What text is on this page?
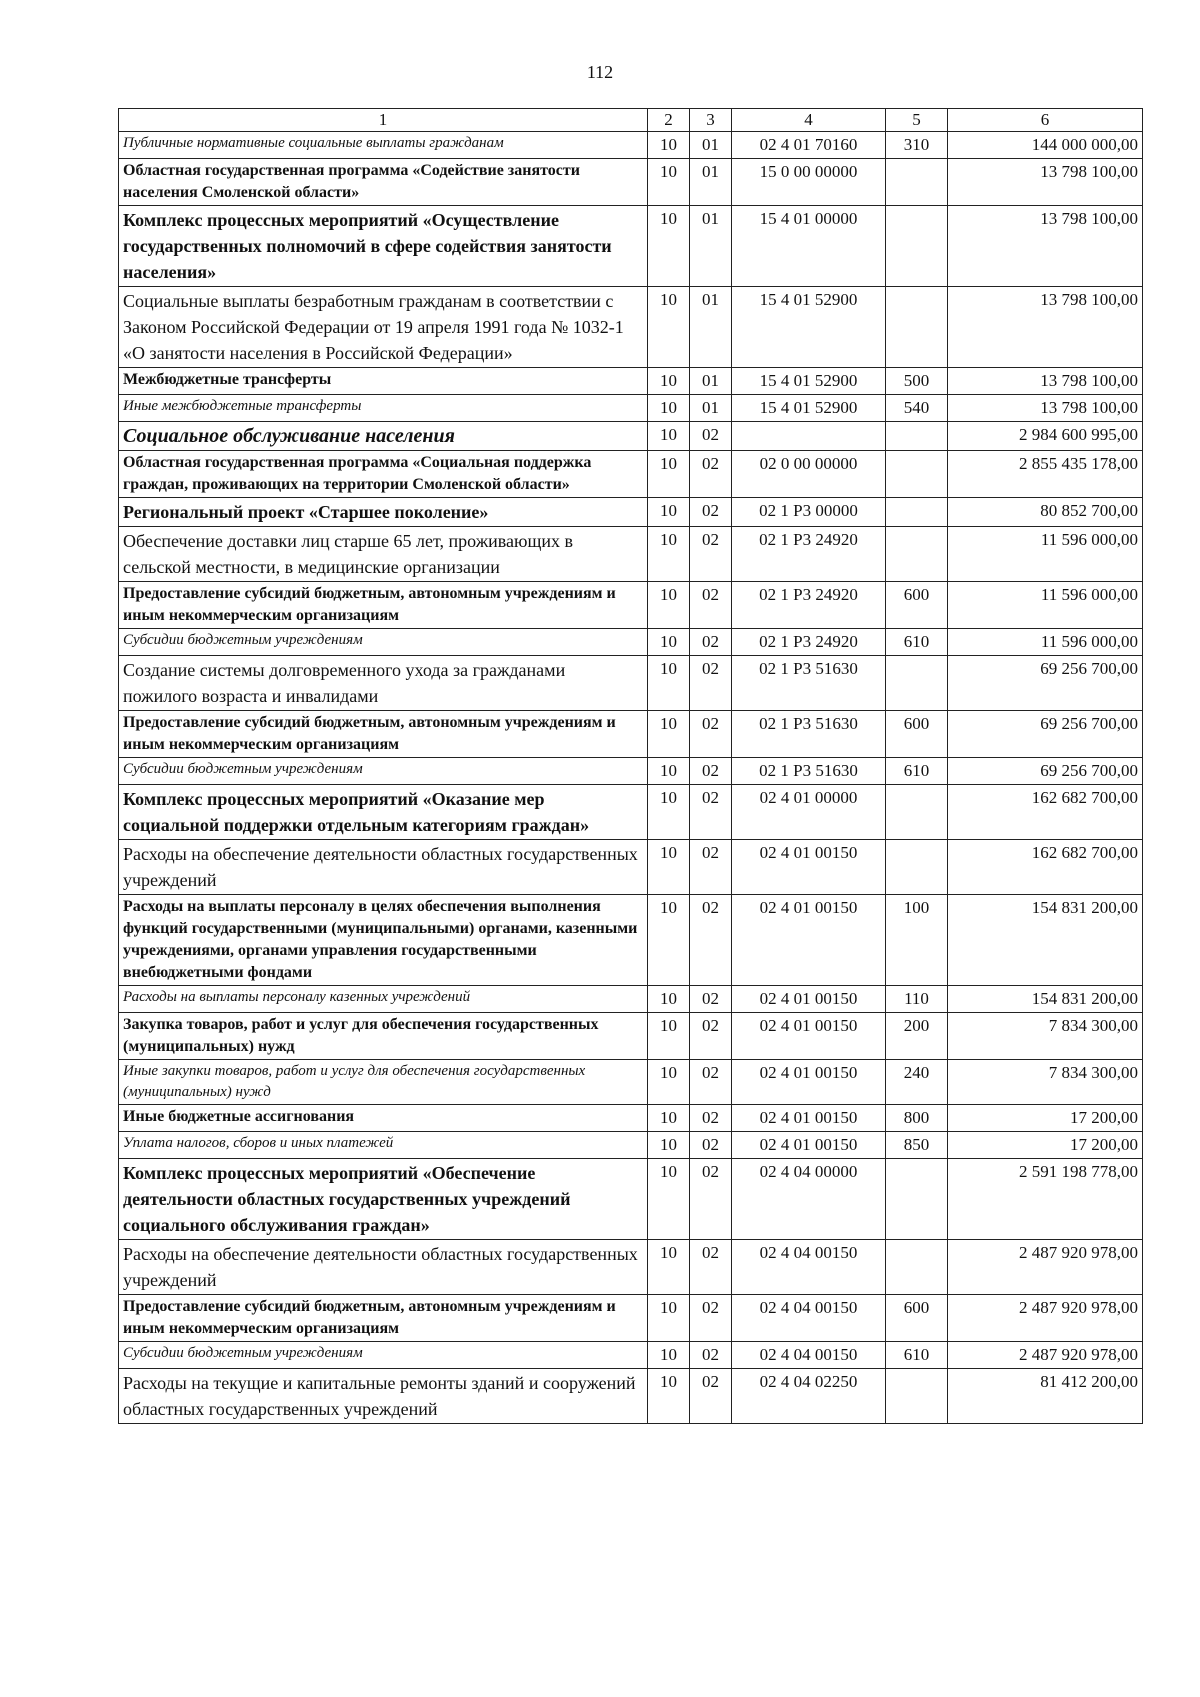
112
1	2	3	4	5	6
Публичные нормативные социальные выплаты гражданам	10	01	02 4 01 70160	310	144 000 000,00
Областная государственная программа «Содействие занятости населения Смоленской области»	10	01	15 0 00 00000		13 798 100,00
Комплекс процессных мероприятий «Осуществление государственных полномочий в сфере содействия занятости населения»	10	01	15 4 01 00000		13 798 100,00
Социальные выплаты безработным гражданам в соответствии с Законом Российской Федерации от 19 апреля 1991 года № 1032-1 «О занятости населения в Российской Федерации»	10	01	15 4 01 52900		13 798 100,00
Межбюджетные трансферты	10	01	15 4 01 52900	500	13 798 100,00
Иные межбюджетные трансферты	10	01	15 4 01 52900	540	13 798 100,00
Социальное обслуживание населения	10	02			2 984 600 995,00
Областная государственная программа «Социальная поддержка граждан, проживающих на территории Смоленской области»	10	02	02 0 00 00000		2 855 435 178,00
Региональный проект «Старшее поколение»	10	02	02 1 Р3 00000		80 852 700,00
Обеспечение доставки лиц старше 65 лет, проживающих в сельской местности, в медицинские организации	10	02	02 1 Р3 24920		11 596 000,00
Предоставление субсидий бюджетным, автономным учреждениям и иным некоммерческим организациям	10	02	02 1 Р3 24920	600	11 596 000,00
Субсидии бюджетным учреждениям	10	02	02 1 Р3 24920	610	11 596 000,00
Создание системы долговременного ухода за гражданами пожилого возраста и инвалидами	10	02	02 1 Р3 51630		69 256 700,00
Предоставление субсидий бюджетным, автономным учреждениям и иным некоммерческим организациям	10	02	02 1 Р3 51630	600	69 256 700,00
Субсидии бюджетным учреждениям	10	02	02 1 Р3 51630	610	69 256 700,00
Комплекс процессных мероприятий «Оказание мер социальной поддержки отдельным категориям граждан»	10	02	02 4 01 00000		162 682 700,00
Расходы на обеспечение деятельности областных государственных учреждений	10	02	02 4 01 00150		162 682 700,00
Расходы на выплаты персоналу в целях обеспечения выполнения функций государственными (муниципальными) органами, казенными учреждениями, органами управления государственными внебюджетными фондами	10	02	02 4 01 00150	100	154 831 200,00
Расходы на выплаты персоналу казенных учреждений	10	02	02 4 01 00150	110	154 831 200,00
Закупка товаров, работ и услуг для обеспечения государственных (муниципальных) нужд	10	02	02 4 01 00150	200	7 834 300,00
Иные закупки товаров, работ и услуг для обеспечения государственных (муниципальных) нужд	10	02	02 4 01 00150	240	7 834 300,00
Иные бюджетные ассигнования	10	02	02 4 01 00150	800	17 200,00
Уплата налогов, сборов и иных платежей	10	02	02 4 01 00150	850	17 200,00
Комплекс процессных мероприятий «Обеспечение деятельности областных государственных учреждений социального обслуживания граждан»	10	02	02 4 04 00000		2 591 198 778,00
Расходы на обеспечение деятельности областных государственных учреждений	10	02	02 4 04 00150		2 487 920 978,00
Предоставление субсидий бюджетным, автономным учреждениям и иным некоммерческим организациям	10	02	02 4 04 00150	600	2 487 920 978,00
Субсидии бюджетным учреждениям	10	02	02 4 04 00150	610	2 487 920 978,00
Расходы на текущие и капитальные ремонты зданий и сооружений областных государственных учреждений	10	02	02 4 04 02250		81 412 200,00
